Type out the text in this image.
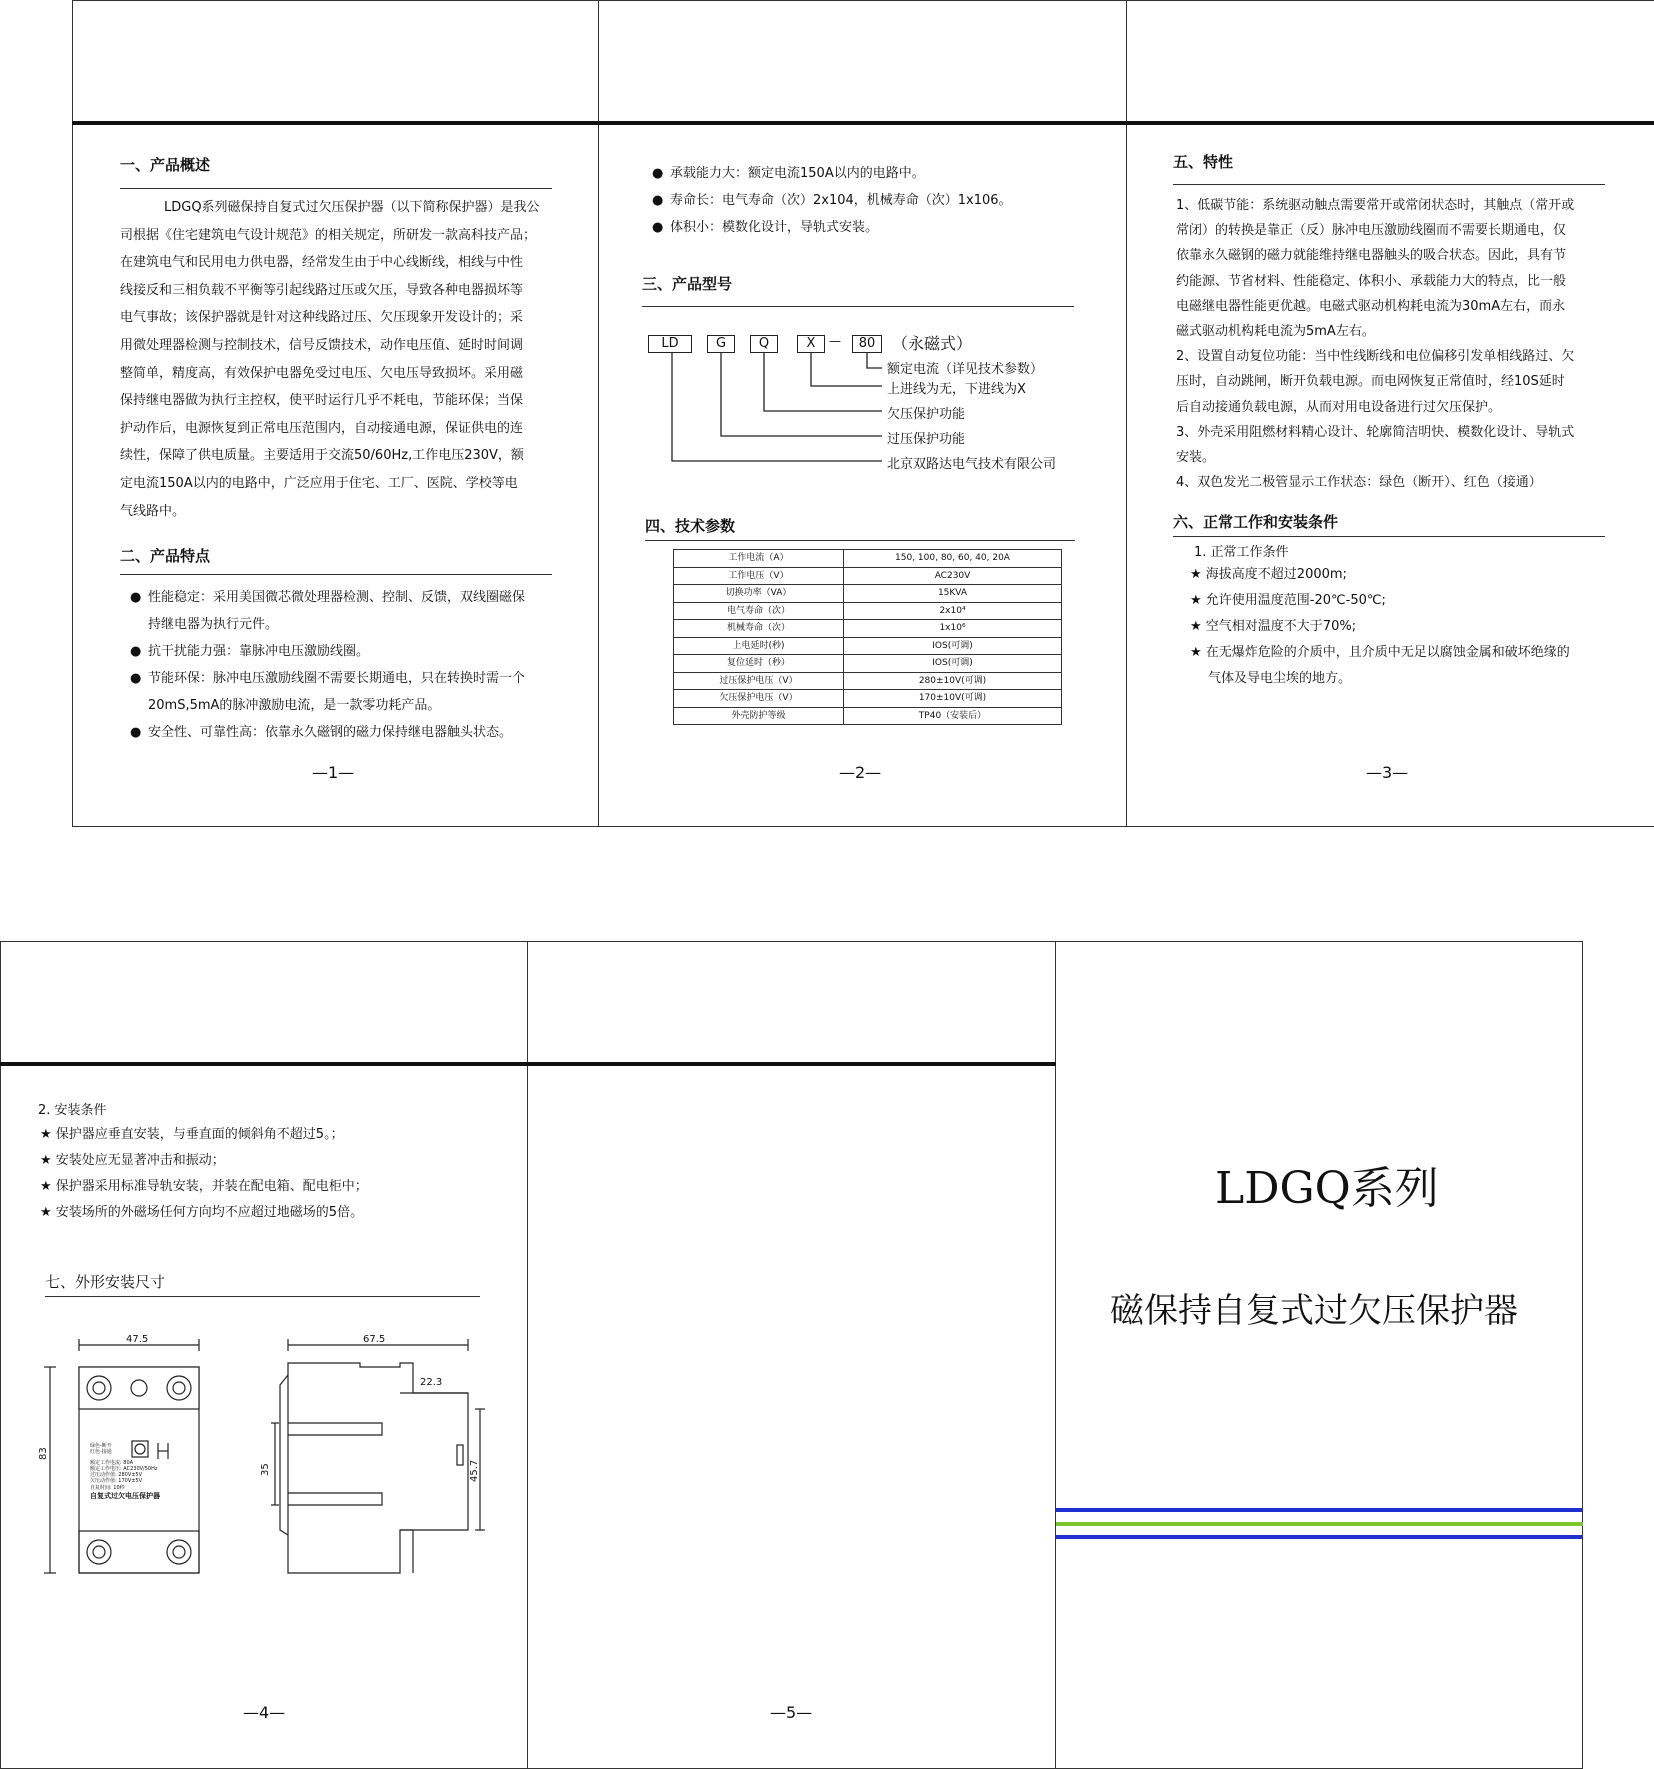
一、产品概述

LDGQ系列磁保持自复式过欠压保护器（以下简称保护器）是我公

司根据《住宅建筑电气设计规范》的相关规定，所研发一款高科技产品；

在建筑电气和民用电力供电器，经常发生由于中心线断线，相线与中性

线接反和三相负载不平衡等引起线路过压或欠压，导致各种电器损坏等

电气事故；该保护器就是针对这种线路过压、欠压现象开发设计的；采

用微处理器检测与控制技术，信号反馈技术，动作电压值、延时时间调

整简单，精度高，有效保护电器免受过电压、欠电压导致损坏。采用磁

保持继电器做为执行主控权，使平时运行几乎不耗电，节能环保；当保

护动作后，电源恢复到正常电压范围内，自动接通电源，保证供电的连

续性，保障了供电质量。主要适用于交流50/60Hz,工作电压230V，额

定电流150A以内的电路中，广泛应用于住宅、工厂、医院、学校等电

气线路中。

二、产品特点
● 性能稳定：采用美国微芯微处理器检测、控制、反馈，双线圈磁保
持继电器为执行元件。
● 抗干扰能力强：靠脉冲电压激励线圈。
● 节能环保：脉冲电压激励线圈不需要长期通电，只在转换时需一个
20mS,5mA的脉冲激励电流，是一款零功耗产品。
● 安全性、可靠性高：依靠永久磁钢的磁力保持继电器触头状态。
—1—
● 承载能力大：额定电流150A以内的电路中。
● 寿命长：电气寿命（次）2x104，机械寿命（次）1x106。
● 体积小：模数化设计，导轨式安装。
三、产品型号
LD	G	Q	X	—	80	（永磁式）
额定电流（详见技术参数）
上进线为无，下进线为X
欠压保护功能
过压保护功能
北京双路达电气技术有限公司
四、技术参数
工作电流（A）	150, 100, 80, 60, 40, 20A
工作电压（V）	AC230V
切换功率（VA）	15KVA
电气寿命（次）	2x10⁴
机械寿命（次）	1x10⁶
上电延时(秒)	IOS(可调)
复位延时（秒）	IOS(可调)
过压保护电压（V）	280±10V(可调)
欠压保护电压（V）	170±10V(可调)
外壳防护等级	TP40（安装后）
—2—
五、特性

1、低碳节能：系统驱动触点需要常开或常闭状态时，其触点（常开或

常闭）的转换是靠正（反）脉冲电压激励线圈而不需要长期通电，仅

依靠永久磁钢的磁力就能维持继电器触头的吸合状态。因此，具有节

约能源、节省材料、性能稳定、体积小、承载能力大的特点，比一般

电磁继电器性能更优越。电磁式驱动机构耗电流为30mA左右，而永

磁式驱动机构耗电流为5mA左右。

2、设置自动复位功能：当中性线断线和电位偏移引发单相线路过、欠

压时，自动跳闸，断开负载电源。而电网恢复正常值时，经10S延时

后自动接通负载电源，从而对用电设备进行过欠压保护。

3、外壳采用阻燃材料精心设计、轮廓简洁明快、模数化设计、导轨式

安装。

4、双色发光二极管显示工作状态：绿色（断开）、红色（接通）

六、正常工作和安装条件
1. 正常工作条件
★ 海拔高度不超过2000m;
★ 允许使用温度范围-20℃-50℃;
★ 空气相对温度不大于70%;
★ 在无爆炸危险的介质中，且介质中无足以腐蚀金属和破坏绝缘的
气体及导电尘埃的地方。
—3—
2. 安装条件
★ 保护器应垂直安装，与垂直面的倾斜角不超过5。；
★ 安装处应无显著冲击和振动；
★ 保护器采用标准导轨安装，并装在配电箱、配电柜中；
★ 安装场所的外磁场任何方向均不应超过地磁场的5倍。
七、外形安装尺寸
47.5
83
绿色-断开
红色-接通
额定工作电流: 80A
额定工作电压: AC230V/50Hz
过压动作值: 280V±5V
欠压动作值: 170V±5V
自复时间: 10秒
自复式过欠电压保护器
67.5
22.3
35	45.7
—4—	—5—
LDGQ系列
磁保持自复式过欠压保护器
